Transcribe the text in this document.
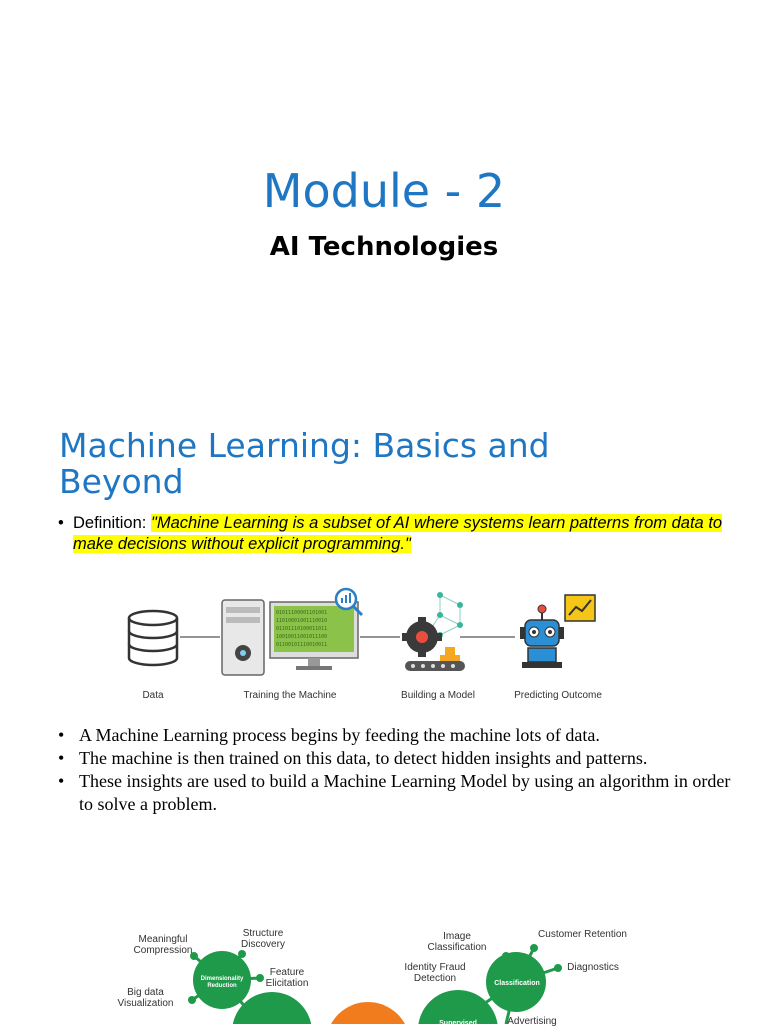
Module - 2
AI Technologies
Machine Learning: Basics and
Beyond
• Definition: "Machine Learning is a subset of AI where systems learn patterns from data to make decisions without explicit programming."
01011100001101001
11010001001110010
01101110100011011
10010011001011100
01100101110010011
Data	Training the Machine	Building a Model	Predicting Outcome
• A Machine Learning process begins by feeding the machine lots of data.
• The machine is then trained on this data, to detect hidden insights and patterns.
• These insights are used to build a Machine Learning Model by using an algorithm in order to solve a problem.
Meaningful Compression
Structure Discovery
Feature Elicitation
Big data Visualization
Dimensionality Reduction
Image Classification
Customer Retention
Identity Fraud Detection	Classification
Diagnostics
Supervised	Advertising
